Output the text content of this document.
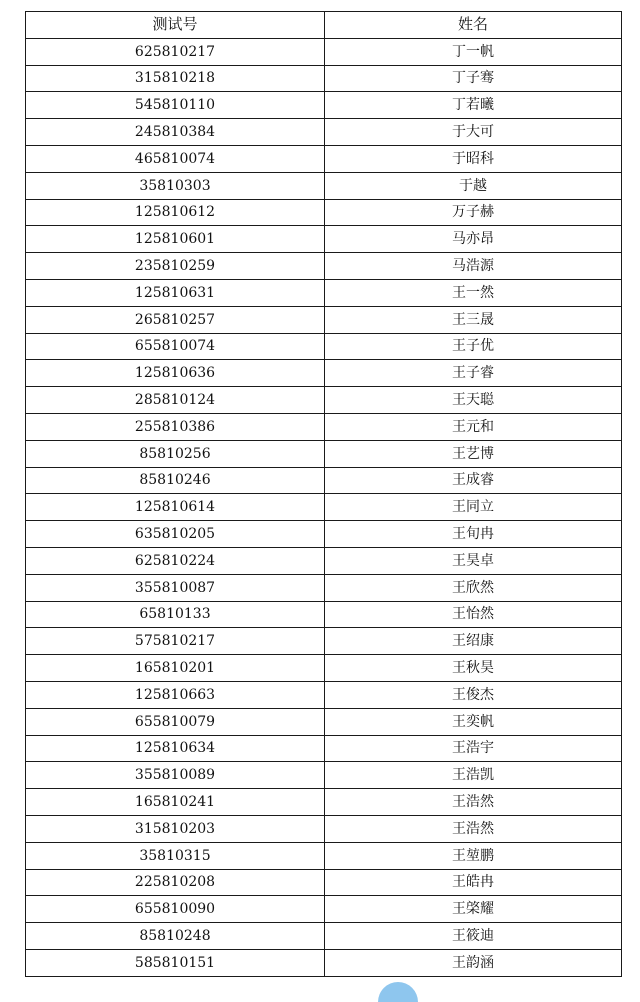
测试号	姓名
625810217	丁一帆
315810218	丁子骞
545810110	丁若曦
245810384	于大可
465810074	于昭科
35810303	于越
125810612	万子赫
125810601	马亦昂
235810259	马浩源
125810631	王一然
265810257	王三晟
655810074	王子优
125810636	王子睿
285810124	王天聪
255810386	王元和
85810256	王艺博
85810246	王成睿
125810614	王同立
635810205	王旬冉
625810224	王昊卓
355810087	王欣然
65810133	王怡然
575810217	王绍康
165810201	王秋昊
125810663	王俊杰
655810079	王奕帆
125810634	王浩宇
355810089	王浩凯
165810241	王浩然
315810203	王浩然
35810315	王堃鹏
225810208	王皓冉
655810090	王棨耀
85810248	王筱迪
585810151	王韵涵
